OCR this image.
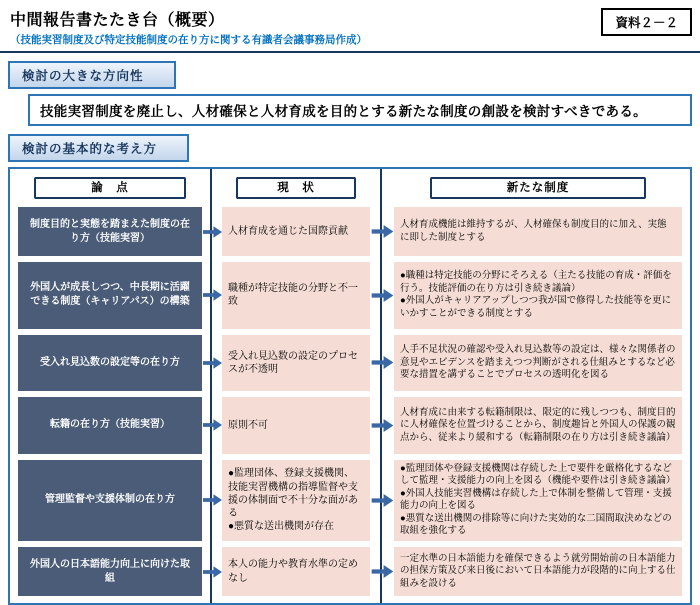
中間報告書たたき台（概要）
（技能実習制度及び特定技能制度の在り方に関する有識者会議事務局作成）
資料２－２
検討の大きな方向性
技能実習制度を廃止し、人材確保と人材育成を目的とする新たな制度の創設を検討すべきである。
検討の基本的な考え方
論　点	現　状	新たな制度
制度目的と実態を踏まえた制度の在り方（技能実習）
人材育成を通じた国際貢献
人材育成機能は維持するが、人材確保も制度目的に加え、実態に即した制度とする
外国人が成長しつつ、中長期に活躍できる制度（キャリアパス）の構築
職種が特定技能の分野と不一致
●職種は特定技能の分野にそろえる（主たる技能の育成・評価を行う。技能評価の在り方は引き続き議論）
●外国人がキャリアアップしつつ我が国で修得した技能等を更にいかすことができる制度とする
受入れ見込数の設定等の在り方
受入れ見込数の設定のプロセスが不透明
人手不足状況の確認や受入れ見込数等の設定は、様々な関係者の意見やエビデンスを踏まえつつ判断がされる仕組みとするなど必要な措置を講ずることでプロセスの透明化を図る
転籍の在り方（技能実習）	原則不可
人材育成に由来する転籍制限は、限定的に残しつつも、制度目的に人材確保を位置づけることから、制度趣旨と外国人の保護の観点から、従来より緩和する（転籍制限の在り方は引き続き議論）
管理監督や支援体制の在り方
●監理団体、登録支援機関、技能実習機構の指導監督や支援の体制面で不十分な面がある
●悪質な送出機関が存在
●監理団体や登録支援機関は存続した上で要件を厳格化するなどして監理・支援能力の向上を図る（機能や要件は引き続き議論）
●外国人技能実習機構は存続した上で体制を整備して管理・支援能力の向上を図る
●悪質な送出機関の排除等に向けた実効的な二国間取決めなどの取組を強化する
外国人の日本語能力向上に向けた取組
本人の能力や教育水準の定めなし
一定水準の日本語能力を確保できるよう就労開始前の日本語能力の担保方策及び来日後において日本語能力が段階的に向上する仕組みを設ける
